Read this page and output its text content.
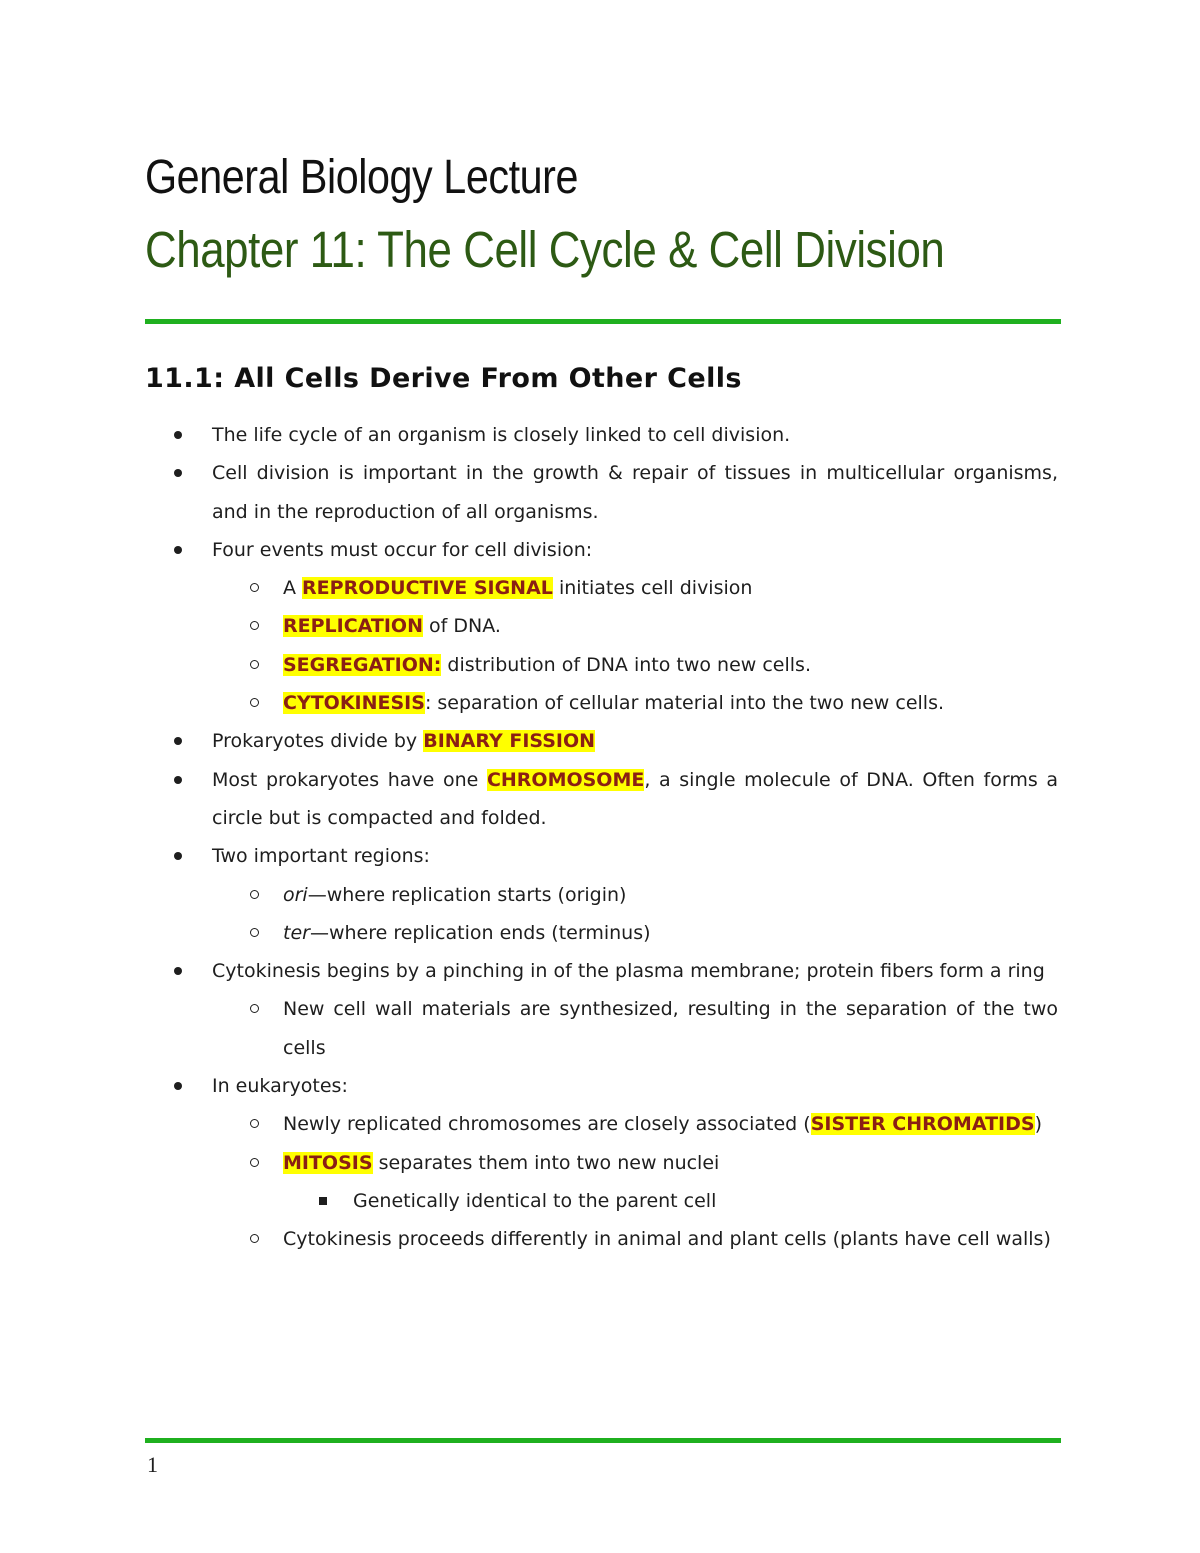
General Biology Lecture
Chapter 11: The Cell Cycle & Cell Division
11.1: All Cells Derive From Other Cells
The life cycle of an organism is closely linked to cell division.
Cell division is important in the growth & repair of tissues in multicellular organisms, and in the reproduction of all organisms.
Four events must occur for cell division:
A REPRODUCTIVE SIGNAL initiates cell division
REPLICATION of DNA.
SEGREGATION: distribution of DNA into two new cells.
CYTOKINESIS: separation of cellular material into the two new cells.
Prokaryotes divide by BINARY FISSION
Most prokaryotes have one CHROMOSOME, a single molecule of DNA. Often forms a circle but is compacted and folded.
Two important regions:
ori—where replication starts (origin)
ter—where replication ends (terminus)
Cytokinesis begins by a pinching in of the plasma membrane; protein fibers form a ring
New cell wall materials are synthesized, resulting in the separation of the two cells
In eukaryotes:
Newly replicated chromosomes are closely associated (SISTER CHROMATIDS)
MITOSIS separates them into two new nuclei
Genetically identical to the parent cell
Cytokinesis proceeds differently in animal and plant cells (plants have cell walls)
1
